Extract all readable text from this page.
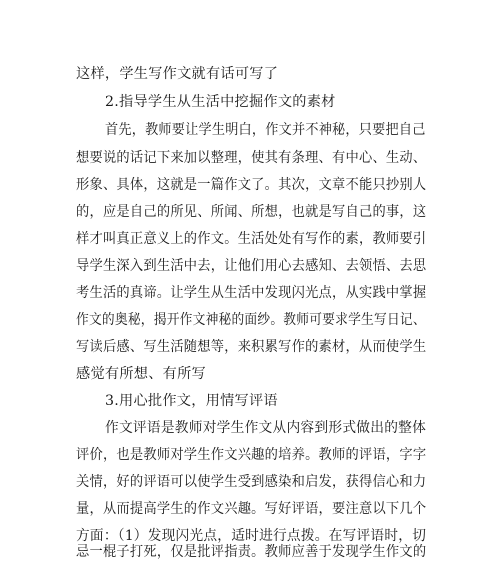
这样，学生写作文就有话可写了
2.指导学生从生活中挖掘作文的素材
首先，教师要让学生明白，作文并不神秘，只要把自己
想要说的话记下来加以整理，使其有条理、有中心、生动、
形象、具体，这就是一篇作文了。其次，文章不能只抄别人
的，应是自己的所见、所闻、所想，也就是写自己的事，这
样才叫真正意义上的作文。生活处处有写作的素，教师要引
导学生深入到生活中去，让他们用心去感知、去领悟、去思
考生活的真谛。让学生从生活中发现闪光点，从实践中掌握
作文的奥秘，揭开作文神秘的面纱。教师可要求学生写日记、
写读后感、写生活随想等，来积累写作的素材，从而使学生
感觉有所想、有所写
3.用心批作文，用情写评语
作文评语是教师对学生作文从内容到形式做出的整体
评价，也是教师对学生作文兴趣的培养。教师的评语，字字
关情，好的评语可以使学生受到感染和启发，获得信心和力
量，从而提高学生的作文兴趣。写好评语，要注意以下几个
方面：（1）发现闪光点，适时进行点拨。在写评语时，切
忌一棍子打死，仅是批评指责。教师应善于发现学生作文的
